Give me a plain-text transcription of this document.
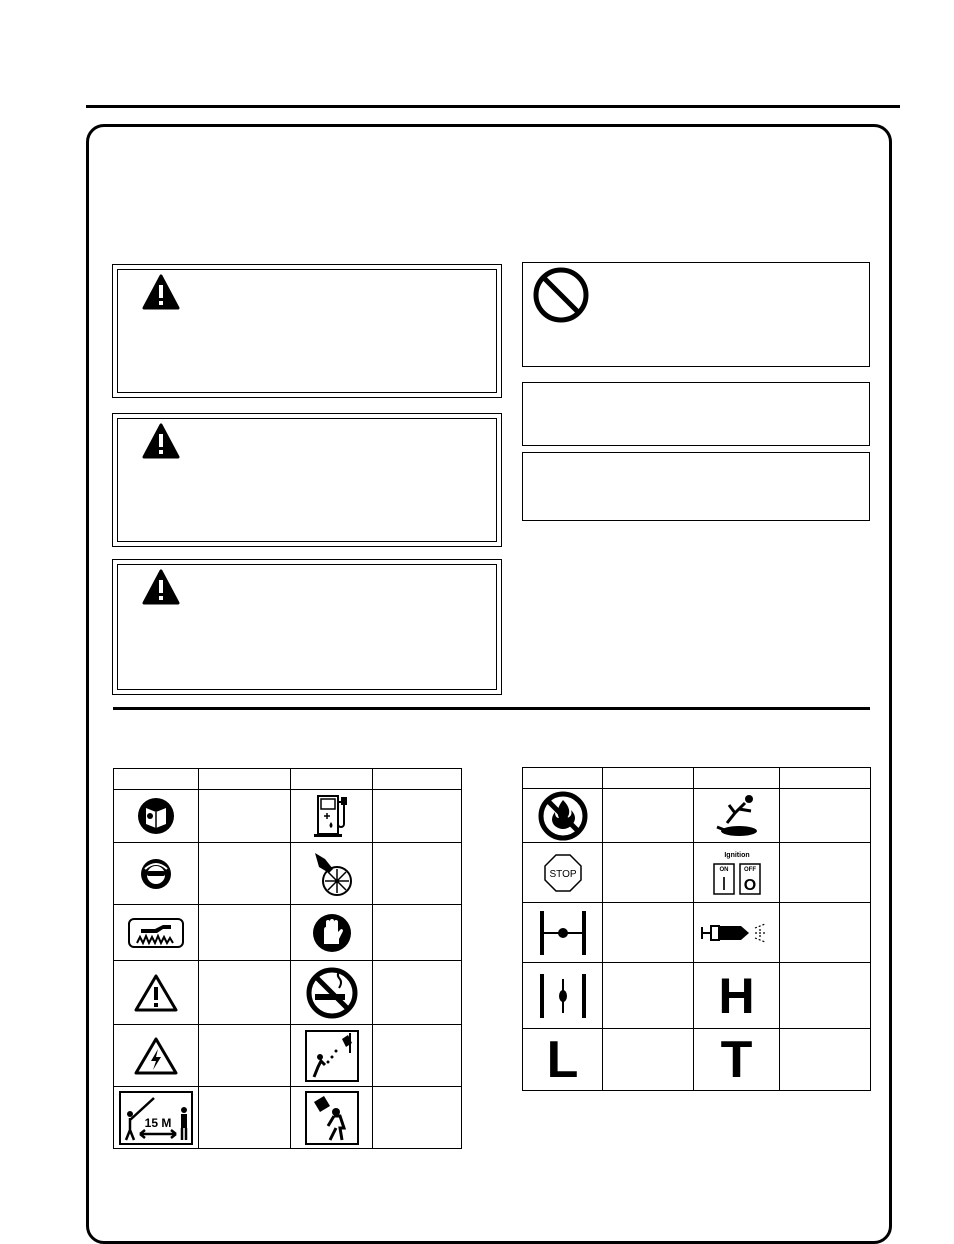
15 M

STOP		Ignition
ON OFF
I O	

		H	
L		T	
